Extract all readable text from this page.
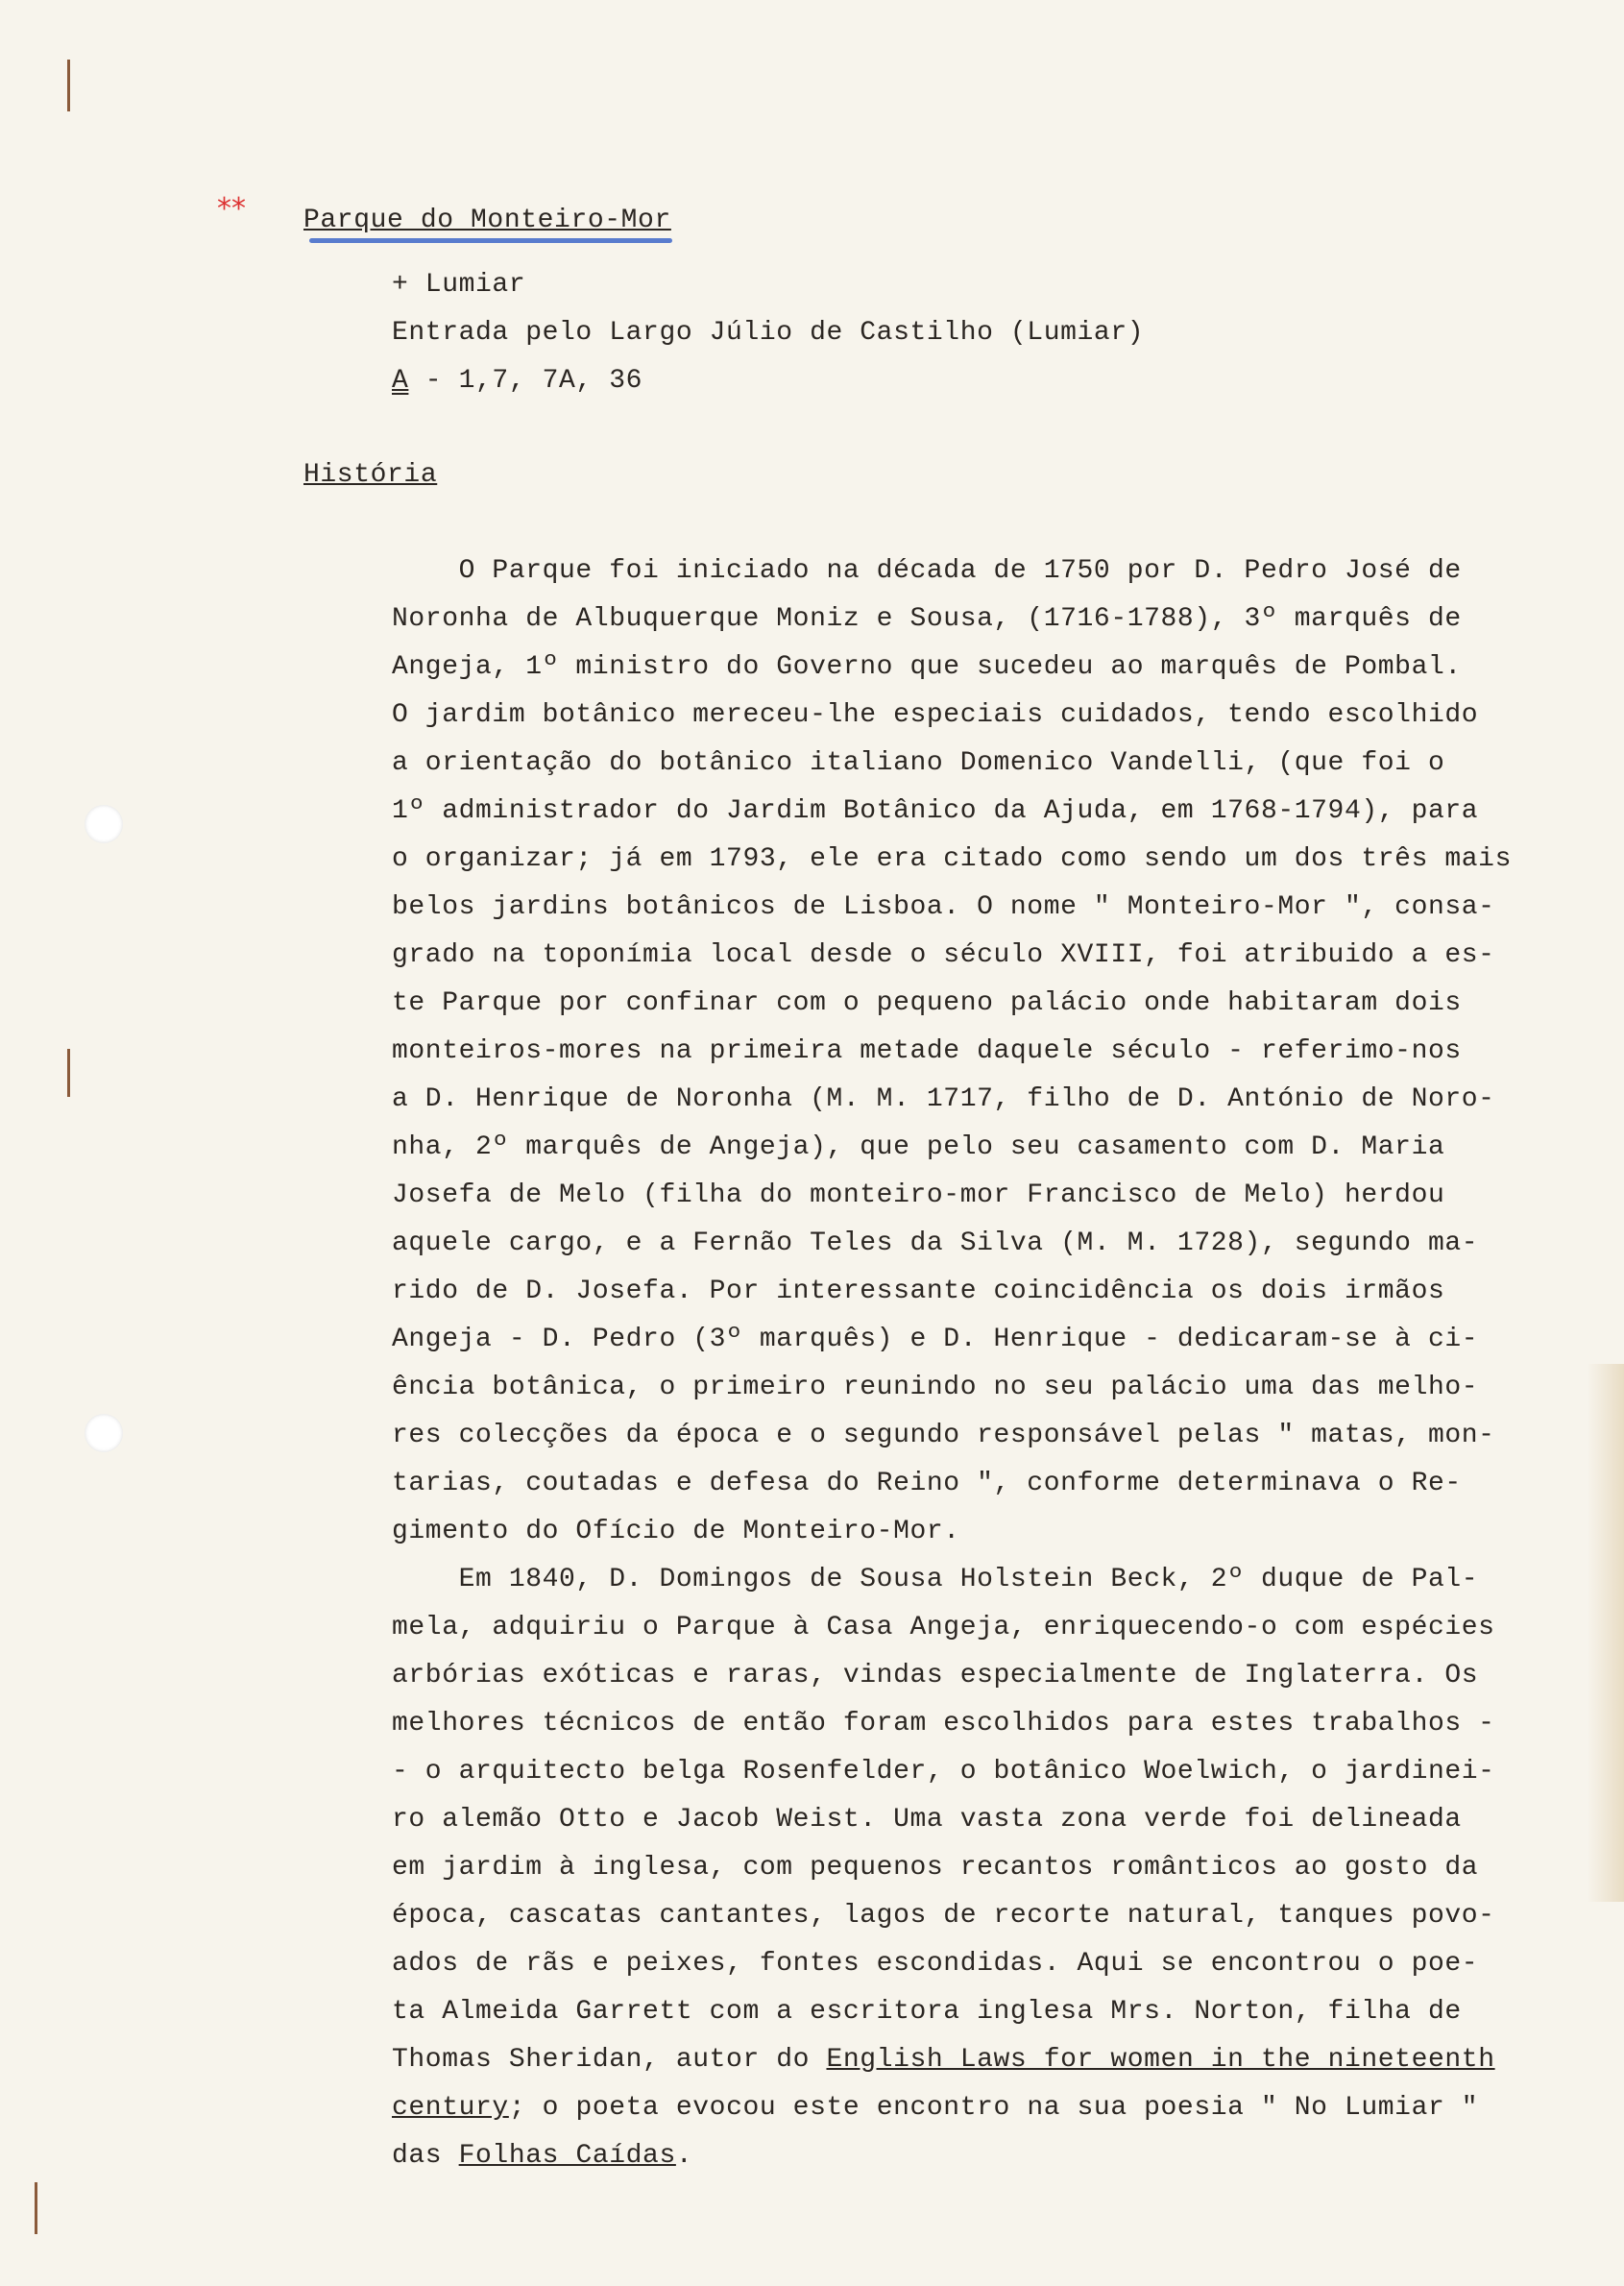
** Parque do Monteiro-Mor
+ Lumiar
Entrada pelo Largo Júlio de Castilho (Lumiar)
A - 1,7, 7A, 36
História
O Parque foi iniciado na década de 1750 por D. Pedro José de
Noronha de Albuquerque Moniz e Sousa, (1716-1788), 3º marquês de
Angeja, 1º ministro do Governo que sucedeu ao marquês de Pombal.
O jardim botânico mereceu-lhe especiais cuidados, tendo escolhido
a orientação do botânico italiano Domenico Vandelli, (que foi o
1º administrador do Jardim Botânico da Ajuda, em 1768-1794), para
o organizar; já em 1793, ele era citado como sendo um dos três mais
belos jardins botânicos de Lisboa. O nome " Monteiro-Mor ", consa-
grado na toponímia local desde o século XVIII, foi atribuido a es-
te Parque por confinar com o pequeno palácio onde habitaram dois
monteiros-mores na primeira metade daquele século - referimo-nos
a D. Henrique de Noronha (M. M. 1717, filho de D. António de Noro-
nha, 2º marquês de Angeja), que pelo seu casamento com D. Maria
Josefa de Melo (filha do monteiro-mor Francisco de Melo) herdou
aquele cargo, e a Fernão Teles da Silva (M. M. 1728), segundo ma-
rido de D. Josefa. Por interessante coincidência os dois irmãos
Angeja - D. Pedro (3º marquês) e D. Henrique - dedicaram-se à ci-
ência botânica, o primeiro reunindo no seu palácio uma das melho-
res colecções da época e o segundo responsável pelas " matas, mon-
tarias, coutadas e defesa do Reino ", conforme determinava o Re-
gimento do Ofício de Monteiro-Mor.
Em 1840, D. Domingos de Sousa Holstein Beck, 2º duque de Pal-
mela, adquiriu o Parque à Casa Angeja, enriquecendo-o com espécies
arbórias exóticas e raras, vindas especialmente de Inglaterra. Os
melhores técnicos de então foram escolhidos para estes trabalhos -
- o arquitecto belga Rosenfelder, o botânico Woelwich, o jardinei-
ro alemão Otto e Jacob Weist. Uma vasta zona verde foi delineada
em jardim à inglesa, com pequenos recantos românticos ao gosto da
época, cascatas cantantes, lagos de recorte natural, tanques povo-
ados de rãs e peixes, fontes escondidas. Aqui se encontrou o poe-
ta Almeida Garrett com a escritora inglesa Mrs. Norton, filha de
Thomas Sheridan, autor do English Laws for women in the nineteenth
century; o poeta evocou este encontro na sua poesia " No Lumiar "
das Folhas Caídas.
